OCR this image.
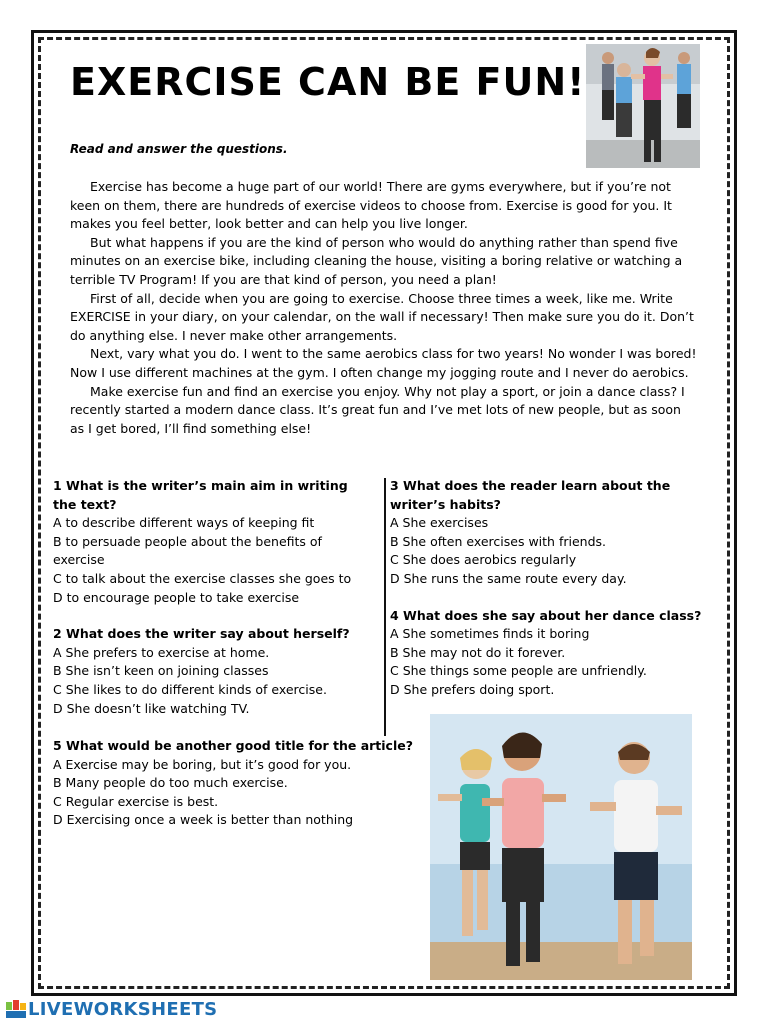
EXERCISE CAN BE FUN!

Read and answer the questions.

Exercise has become a huge part of our world! There are gyms everywhere, but if you’re not keen on them, there are hundreds of exercise videos to choose from. Exercise is good for you. It makes you feel better, look better and can help you live longer.

But what happens if you are the kind of person who would do anything rather than spend five minutes on an exercise bike, including cleaning the house, visiting a boring relative or watching a terrible TV Program! If you are that kind of person, you need a plan!

First of all, decide when you are going to exercise. Choose three times a week, like me. Write EXERCISE in your diary, on your calendar, on the wall if necessary! Then make sure you do it. Don’t do anything else. I never make other arrangements.

Next, vary what you do. I went to the same aerobics class for two years! No wonder I was bored! Now I use different machines at the gym. I often change my jogging route and I never do aerobics.

Make exercise fun and find an exercise you enjoy. Why not play a sport, or join a dance class? I recently started a modern dance class. It’s great fun and I’ve met lots of new people, but as soon as I get bored, I’ll find something else!

1 What is the writer’s main aim in writing the text?

A to describe different ways of keeping fit

B to persuade people about the benefits of exercise

C to talk about the exercise classes she goes to

D to encourage people to take exercise

2 What does the writer say about herself?

A She prefers to exercise at home.

B She isn’t keen on joining classes

C She likes to do different kinds of exercise.

D She doesn’t like watching TV.

3 What does the reader learn about the writer’s habits?

A She exercises

B She often exercises with friends.

C She does aerobics regularly

D She runs the same route every day.

4 What does she say about her dance class?

A She sometimes finds it boring

B She may not do it forever.

C She things some people are unfriendly.

D She prefers doing sport.

5 What would be another good title for the article?

A Exercise may be boring, but it’s good for you.

B Many people do too much exercise.

C Regular exercise is best.

D Exercising once a week is better than nothing

LIVEWORKSHEETS
